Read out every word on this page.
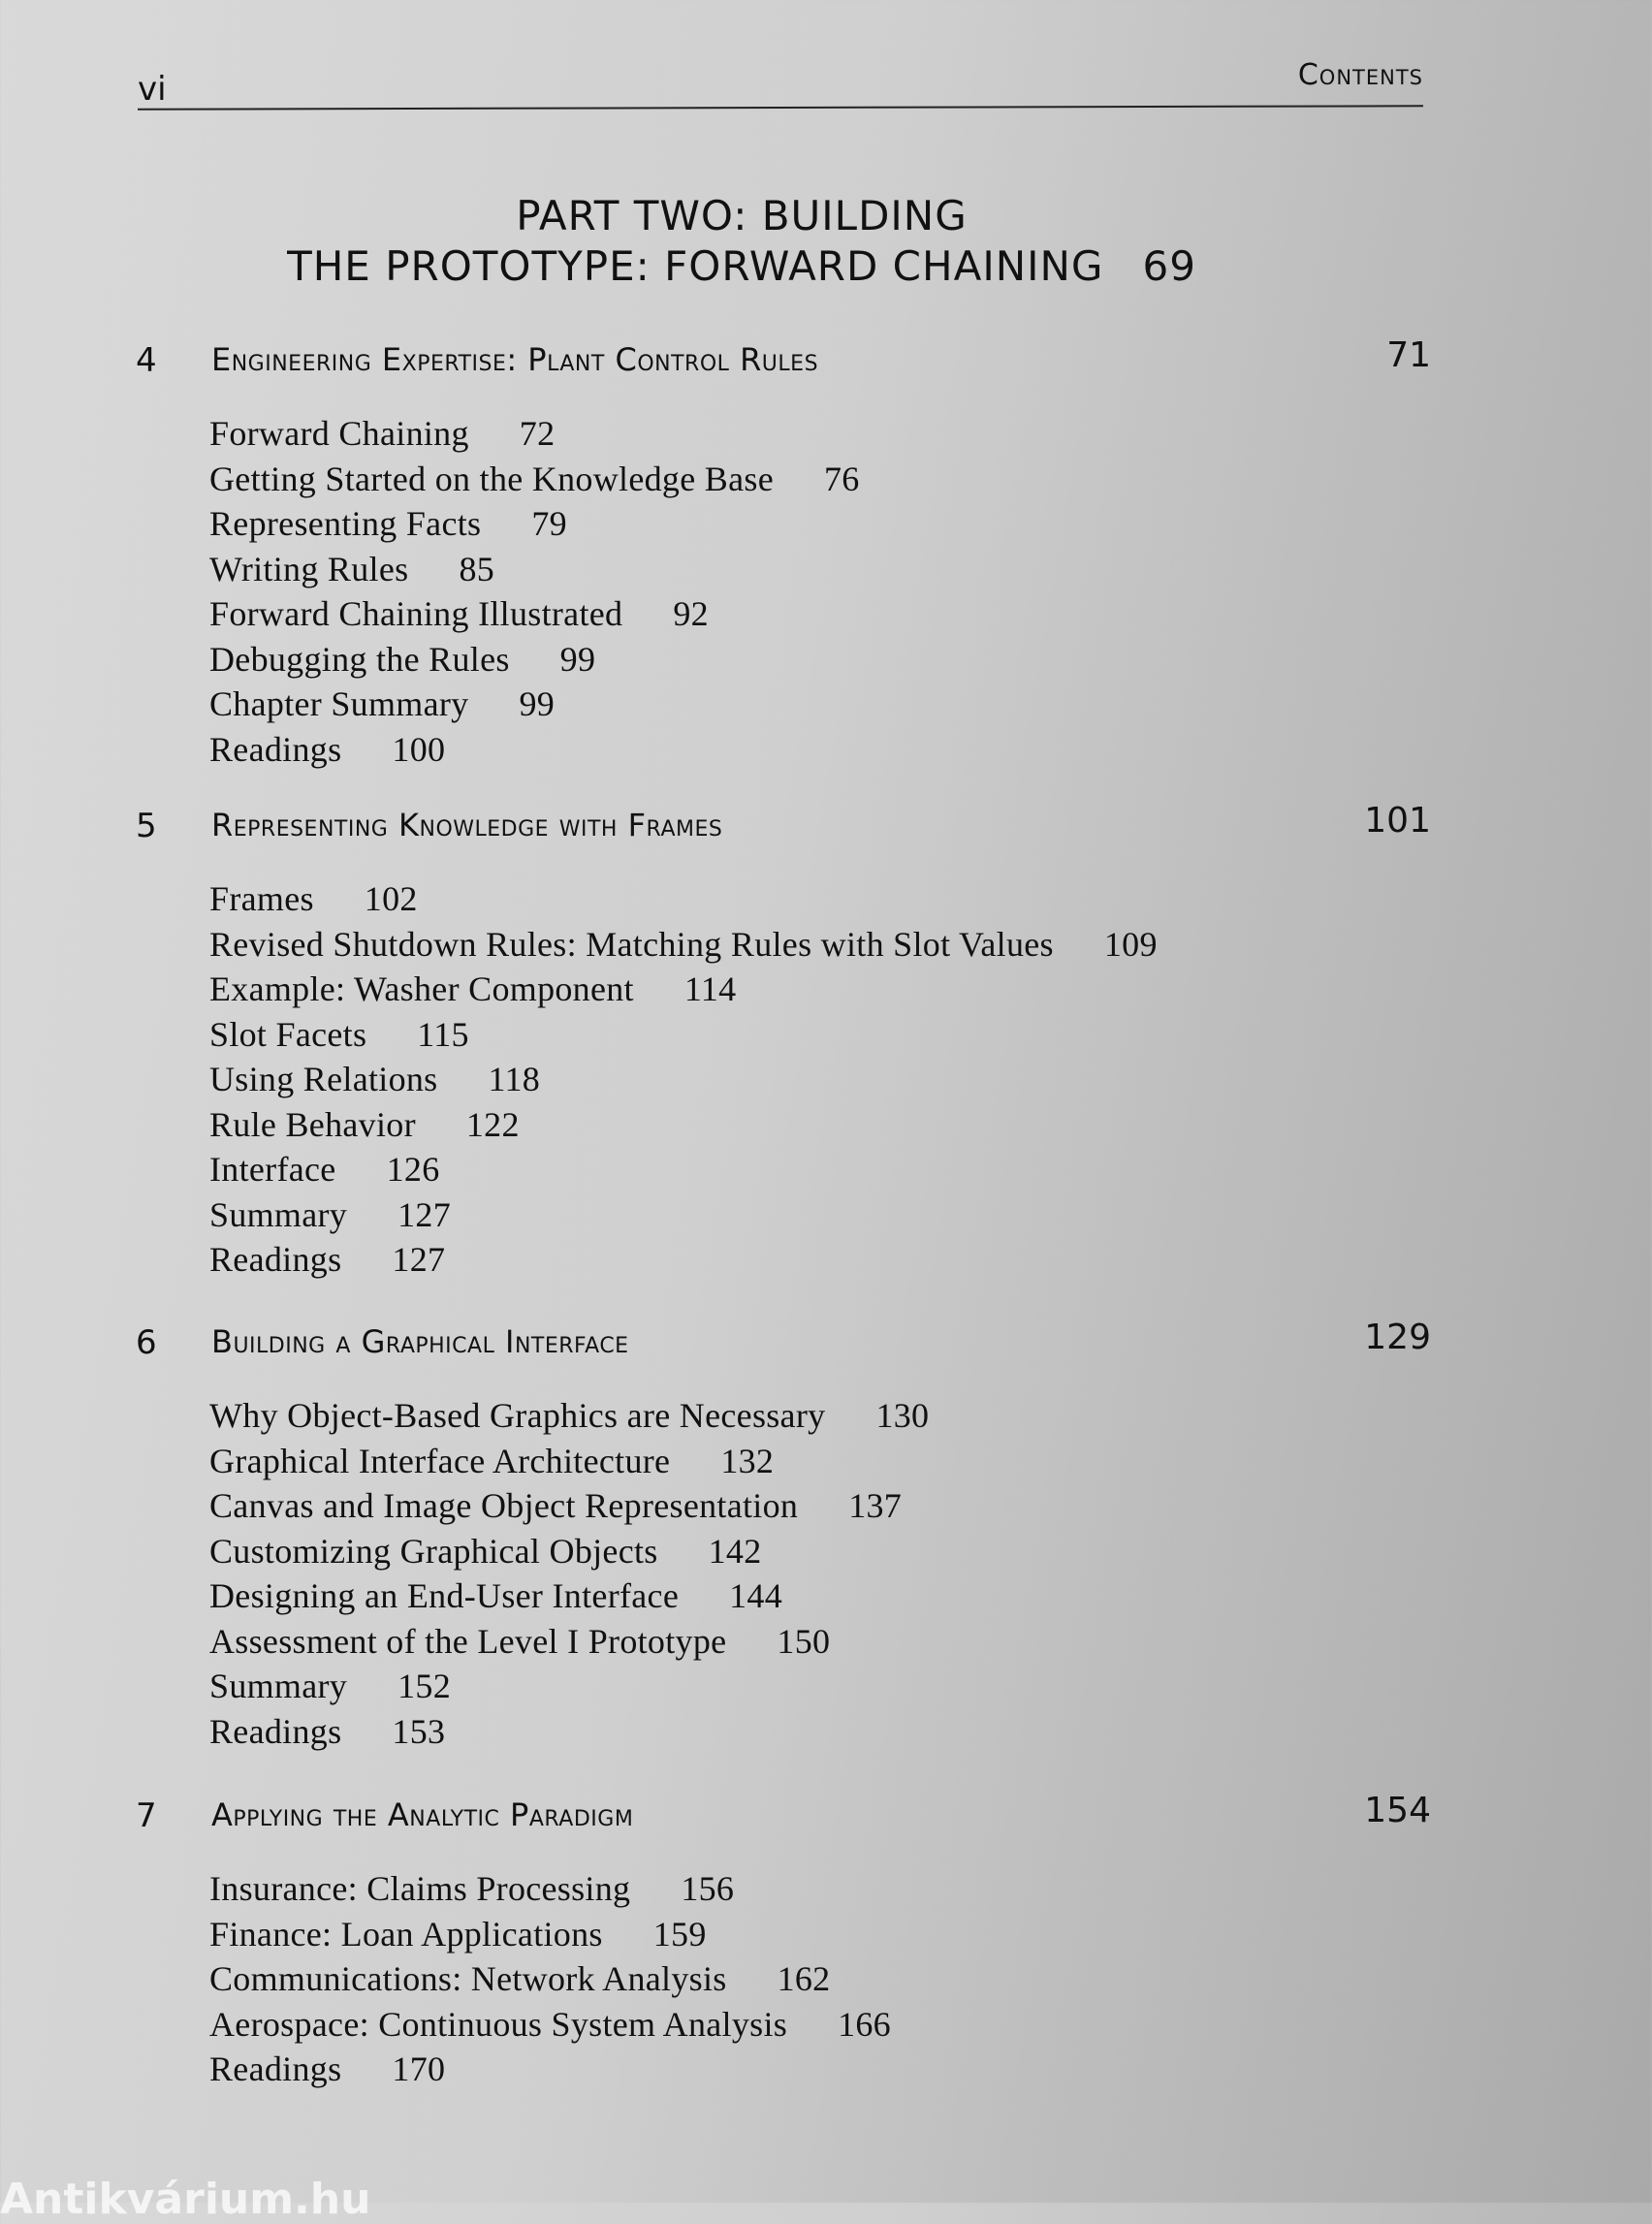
vi	Contents
PART TWO: BUILDING
THE PROTOTYPE: FORWARD CHAINING 69
4 Engineering Expertise: Plant Control Rules	71
Forward Chaining 72
Getting Started on the Knowledge Base 76
Representing Facts 79
Writing Rules 85
Forward Chaining Illustrated 92
Debugging the Rules 99
Chapter Summary 99
Readings 100
5 Representing Knowledge with Frames	101
Frames 102
Revised Shutdown Rules: Matching Rules with Slot Values 109
Example: Washer Component 114
Slot Facets 115
Using Relations 118
Rule Behavior 122
Interface 126
Summary 127
Readings 127
6 Building a Graphical Interface	129
Why Object-Based Graphics are Necessary 130
Graphical Interface Architecture 132
Canvas and Image Object Representation 137
Customizing Graphical Objects 142
Designing an End-User Interface 144
Assessment of the Level I Prototype 150
Summary 152
Readings 153
7 Applying the Analytic Paradigm	154
Insurance: Claims Processing 156
Finance: Loan Applications 159
Communications: Network Analysis 162
Aerospace: Continuous System Analysis 166
Readings 170
Antikvárium.hu
